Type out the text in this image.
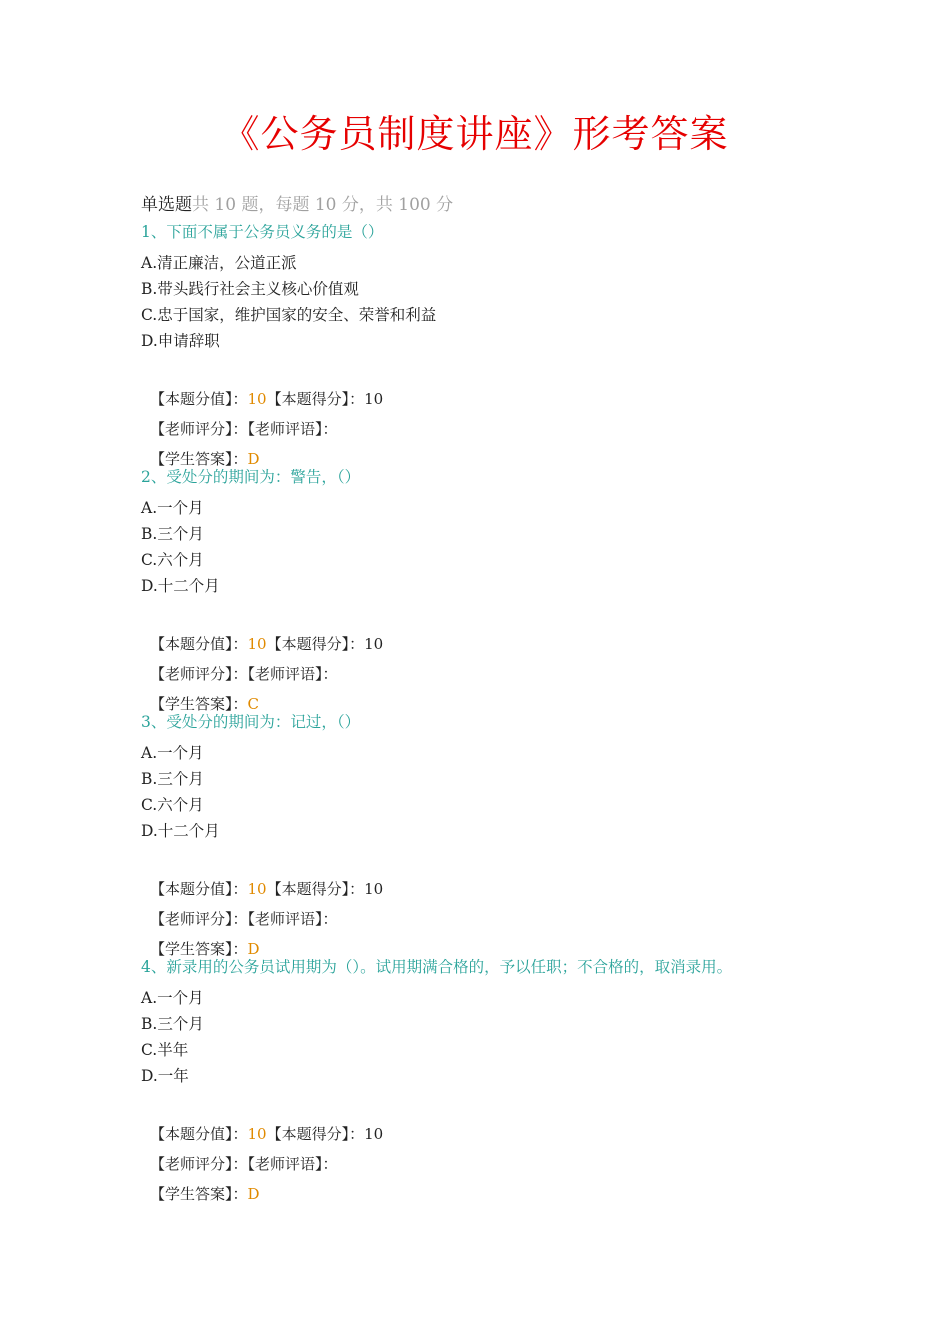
《公务员制度讲座》形考答案
单选题共 10 题，每题 10 分，共 100 分
1、下面不属于公务员义务的是（）
A.清正廉洁，公道正派
B.带头践行社会主义核心价值观
C.忠于国家，维护国家的安全、荣誉和利益
D.申请辞职
【本题分值】：10【本题得分】：10
【老师评分】：【老师评语】：
【学生答案】：D
2、受处分的期间为：警告，（）
A.一个月
B.三个月
C.六个月
D.十二个月
【本题分值】：10【本题得分】：10
【老师评分】：【老师评语】：
【学生答案】：C
3、受处分的期间为：记过，（）
A.一个月
B.三个月
C.六个月
D.十二个月
【本题分值】：10【本题得分】：10
【老师评分】：【老师评语】：
【学生答案】：D
4、新录用的公务员试用期为（）。试用期满合格的，予以任职；不合格的，取消录用。
A.一个月
B.三个月
C.半年
D.一年
【本题分值】：10【本题得分】：10
【老师评分】：【老师评语】：
【学生答案】：D
